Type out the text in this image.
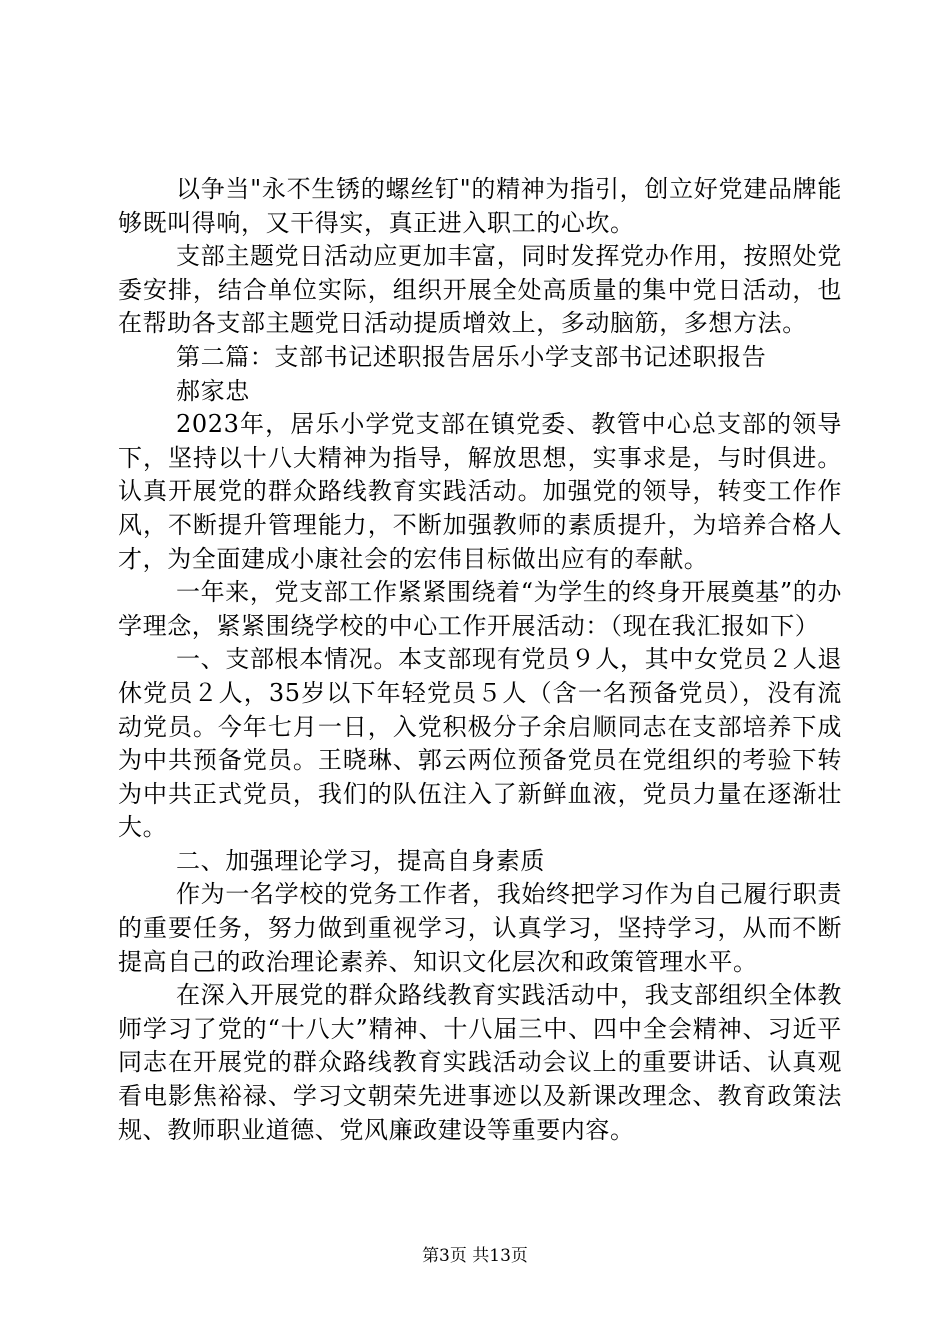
以争当"永不生锈的螺丝钉"的精神为指引，创立好党建品牌能够既叫得响，又干得实，真正进入职工的心坎。

支部主题党日活动应更加丰富，同时发挥党办作用，按照处党委安排，结合单位实际，组织开展全处高质量的集中党日活动，也在帮助各支部主题党日活动提质增效上，多动脑筋，多想方法。

第二篇：支部书记述职报告居乐小学支部书记述职报告

郝家忠

2023年，居乐小学党支部在镇党委、教管中心总支部的领导下，坚持以十八大精神为指导，解放思想，实事求是，与时俱进。认真开展党的群众路线教育实践活动。加强党的领导，转变工作作风，不断提升管理能力，不断加强教师的素质提升，为培养合格人才，为全面建成小康社会的宏伟目标做出应有的奉献。

一年来，党支部工作紧紧围绕着“为学生的终身开展奠基”的办学理念，紧紧围绕学校的中心工作开展活动：（现在我汇报如下）

一、支部根本情况。本支部现有党员９人，其中女党员２人退休党员２人，35岁以下年轻党员５人（含一名预备党员），没有流动党员。今年七月一日，入党积极分子余启顺同志在支部培养下成为中共预备党员。王晓琳、郭云两位预备党员在党组织的考验下转为中共正式党员，我们的队伍注入了新鲜血液，党员力量在逐渐壮大。

二、加强理论学习，提高自身素质

作为一名学校的党务工作者，我始终把学习作为自己履行职责的重要任务，努力做到重视学习，认真学习，坚持学习，从而不断提高自己的政治理论素养、知识文化层次和政策管理水平。

在深入开展党的群众路线教育实践活动中，我支部组织全体教师学习了党的“十八大”精神、十八届三中、四中全会精神、习近平同志在开展党的群众路线教育实践活动会议上的重要讲话、认真观看电影焦裕禄、学习文朝荣先进事迹以及新课改理念、教育政策法规、教师职业道德、党风廉政建设等重要内容。

第3页 共13页
